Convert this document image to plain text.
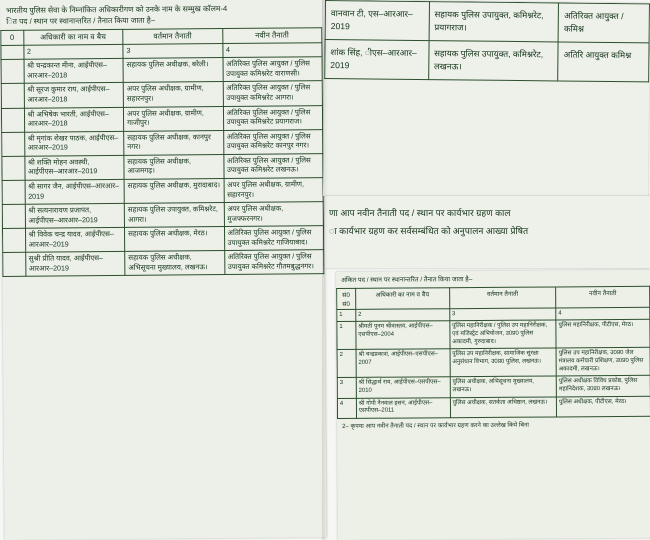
भारतीय पुलिस सेवा के निम्नांकित अधिकारीगण को उनके नाम के सम्मुख कॉलम-4
ित पद / स्थान पर स्थानान्तरित / तैनात किया जाता है–
0	अधिकारी का नाम व बैच	वर्तमान तैनाती	नवीन तैनाती
	2	3	4
	श्री चन्द्रकान्त मीना, आईपीएस–आरआर–2018	सहायक पुलिस अधीक्षक, बरेली।	अतिरिक्त पुलिस आयुक्त / पुलिस उपायुक्त कमिश्नरेट वाराणसी।
	श्री सूरज कुमार राय, आईपीएस–आरआर–2018	अपर पुलिस अधीक्षक, ग्रामीण, सहारनपुर।	अतिरिक्त पुलिस आयुक्त / पुलिस उपायुक्त कमिश्नरेट आगरा।
	श्री अभिषेक भारती, आईपीएस–आरआर–2018	अपर पुलिस अधीक्षक, ग्रामीण, गाजीपुर।	अतिरिक्त पुलिस आयुक्त / पुलिस उपायुक्त कमिश्नरेट प्रयागराज।
	श्री मृगांक शेखर पाठक, आईपीएस–आरआर–2019	सहायक पुलिस अधीक्षक, कानपुर नगर।	अतिरिक्त पुलिस आयुक्त / पुलिस उपायुक्त कमिश्नरेट कानपुर नगर।
	श्री शक्ति मोहन अवस्थी, आईपीएस–आरआर–2019	सहायक पुलिस अधीक्षक, आजमगढ़।	अतिरिक्त पुलिस आयुक्त / पुलिस उपायुक्त कमिश्नरेट लखनऊ।
	श्री सागर जैन, आईपीएस–आरआर–2019	सहायक पुलिस अधीक्षक, मुरादाबाद।	अपर पुलिस अधीक्षक, ग्रामीण, सहारनपुर।
	श्री सत्यनारायण प्रजापत, आईपीएस–आरआर–2019	सहायक पुलिस उपायुक्त, कमिश्नरेट, आगरा।	अपर पुलिस अधीक्षक, मुजफ्फरनगर।
	श्री विवेक चन्द्र यादव, आईपीएस–आरआर–2019	सहायक पुलिस अधीक्षक, मेरठ।	अतिरिक्त पुलिस आयुक्त / पुलिस उपायुक्त कमिश्नरेट गाजियाबाद।
	सुश्री प्रीति यादव, आईपीएस–आरआर–2019	सहायक पुलिस अधीक्षक, अभिसूचना मुख्यालय, लखनऊ।	अतिरिक्त पुलिस आयुक्त / पुलिस उपायुक्त कमिश्नरेट गौतमबुद्धनगर।
वानवान टी, एस–आरआर–2019	सहायक पुलिस उपायुक्त, कमिश्नरेट, प्रयागराज।	अतिरिक्त आयुक्त / कमिश्न
शांक सिंह, ीएस–आरआर–2019	सहायक पुलिस उपायुक्त, कमिश्नरेट, लखनऊ।	अतिरि आयुक्त कमिश्न
णा आप नवीन तैनाती पद / स्थान पर कार्यभार ग्रहण काल
ा कार्यभार ग्रहण कर सर्वसम्बंधित को अनुपालन आख्या प्रेषित
अंकित पद / स्थान पर स्थानान्तरित / तैनात किया जाता है–
सं0 सं0	अधिकारी का नाम व बैच	वर्तमान तैनाती	नवीन तैनाती
1	2	3	4
1	श्रीमती पूनम श्रीवास्तव, आईपीएस–एसपीएस–2004	पुलिस महानिरीक्षक / पुलिस उप महानिरीक्षक, एवं मजिस्ट्रेट अभियोजन, उ0प्र0 पुलिस अकादमी, गुरुदाबाद।	पुलिस महानिरीक्षक, पीटीएस, मेरठ।
2	श्री चन्द्रप्रकाश, आईपीएस–एसपीएस–2007	पुलिस उप महानिरीक्षक, सामाजिक सुरक्षा अनुसंधान विभाग, उ0प्र0 पुलिस, लखनऊ।	पुलिस उप महानिरीक्षक, उ0प्र0 जेल मंत्रालय कर्मचारी प्रशिक्षण, उ0प्र0 पुलिस अकादमी, लखनऊ।
3	श्री सिद्धार्थ राय, आईपीएस–एसपीएस–2010	पुलिस अधीक्षक, अभिसूचना मुख्यालय, लखनऊ।	पुलिस अधीक्षक विविध प्रकोष्ठ, पुलिस महानिदेशक, उ0प्र0 लखनऊ।
4	श्री गोपी नैनवाल हसन, आईपीएस–एसपीएस–2011	पुलिस अधीक्षक, सतर्कता अधिष्ठान, लखनऊ।	पुलिस अधीक्षक, पीटीएस, मेरठ।
2– कृपया आप नवीन तैनाती पद / स्थान पर कार्यभार ग्रहण करने का उल्लेख किये बिना
